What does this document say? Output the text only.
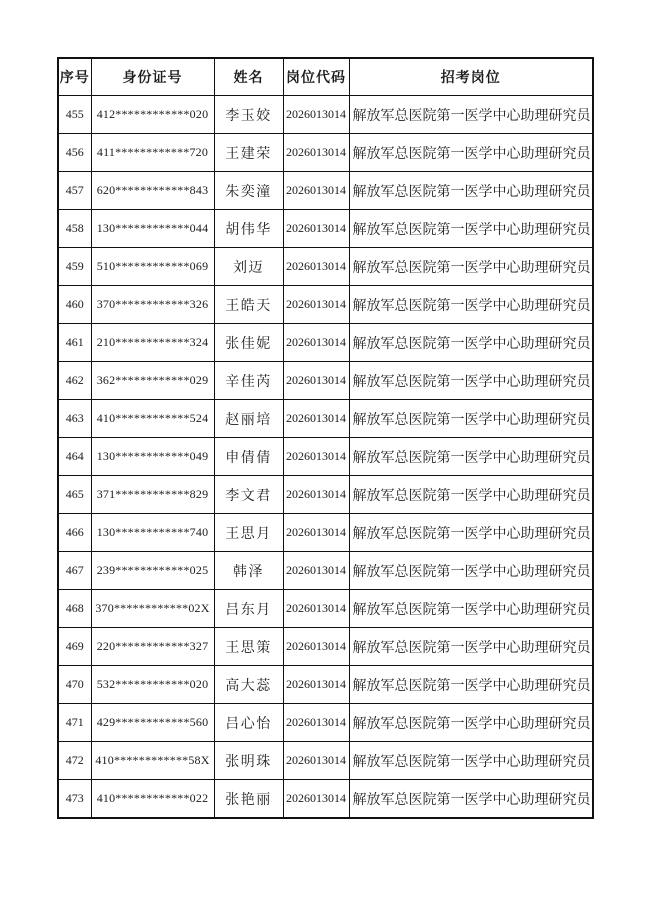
序号	身份证号	姓名	岗位代码	招考岗位
455	412************020	李玉姣	2026013014	解放军总医院第一医学中心助理研究员
456	411************720	王建荣	2026013014	解放军总医院第一医学中心助理研究员
457	620************843	朱奕潼	2026013014	解放军总医院第一医学中心助理研究员
458	130************044	胡伟华	2026013014	解放军总医院第一医学中心助理研究员
459	510************069	刘迈	2026013014	解放军总医院第一医学中心助理研究员
460	370************326	王皓天	2026013014	解放军总医院第一医学中心助理研究员
461	210************324	张佳妮	2026013014	解放军总医院第一医学中心助理研究员
462	362************029	辛佳芮	2026013014	解放军总医院第一医学中心助理研究员
463	410************524	赵丽培	2026013014	解放军总医院第一医学中心助理研究员
464	130************049	申倩倩	2026013014	解放军总医院第一医学中心助理研究员
465	371************829	李文君	2026013014	解放军总医院第一医学中心助理研究员
466	130************740	王思月	2026013014	解放军总医院第一医学中心助理研究员
467	239************025	韩泽	2026013014	解放军总医院第一医学中心助理研究员
468	370************02X	吕东月	2026013014	解放军总医院第一医学中心助理研究员
469	220************327	王思策	2026013014	解放军总医院第一医学中心助理研究员
470	532************020	高大蕊	2026013014	解放军总医院第一医学中心助理研究员
471	429************560	吕心怡	2026013014	解放军总医院第一医学中心助理研究员
472	410************58X	张明珠	2026013014	解放军总医院第一医学中心助理研究员
473	410************022	张艳丽	2026013014	解放军总医院第一医学中心助理研究员
